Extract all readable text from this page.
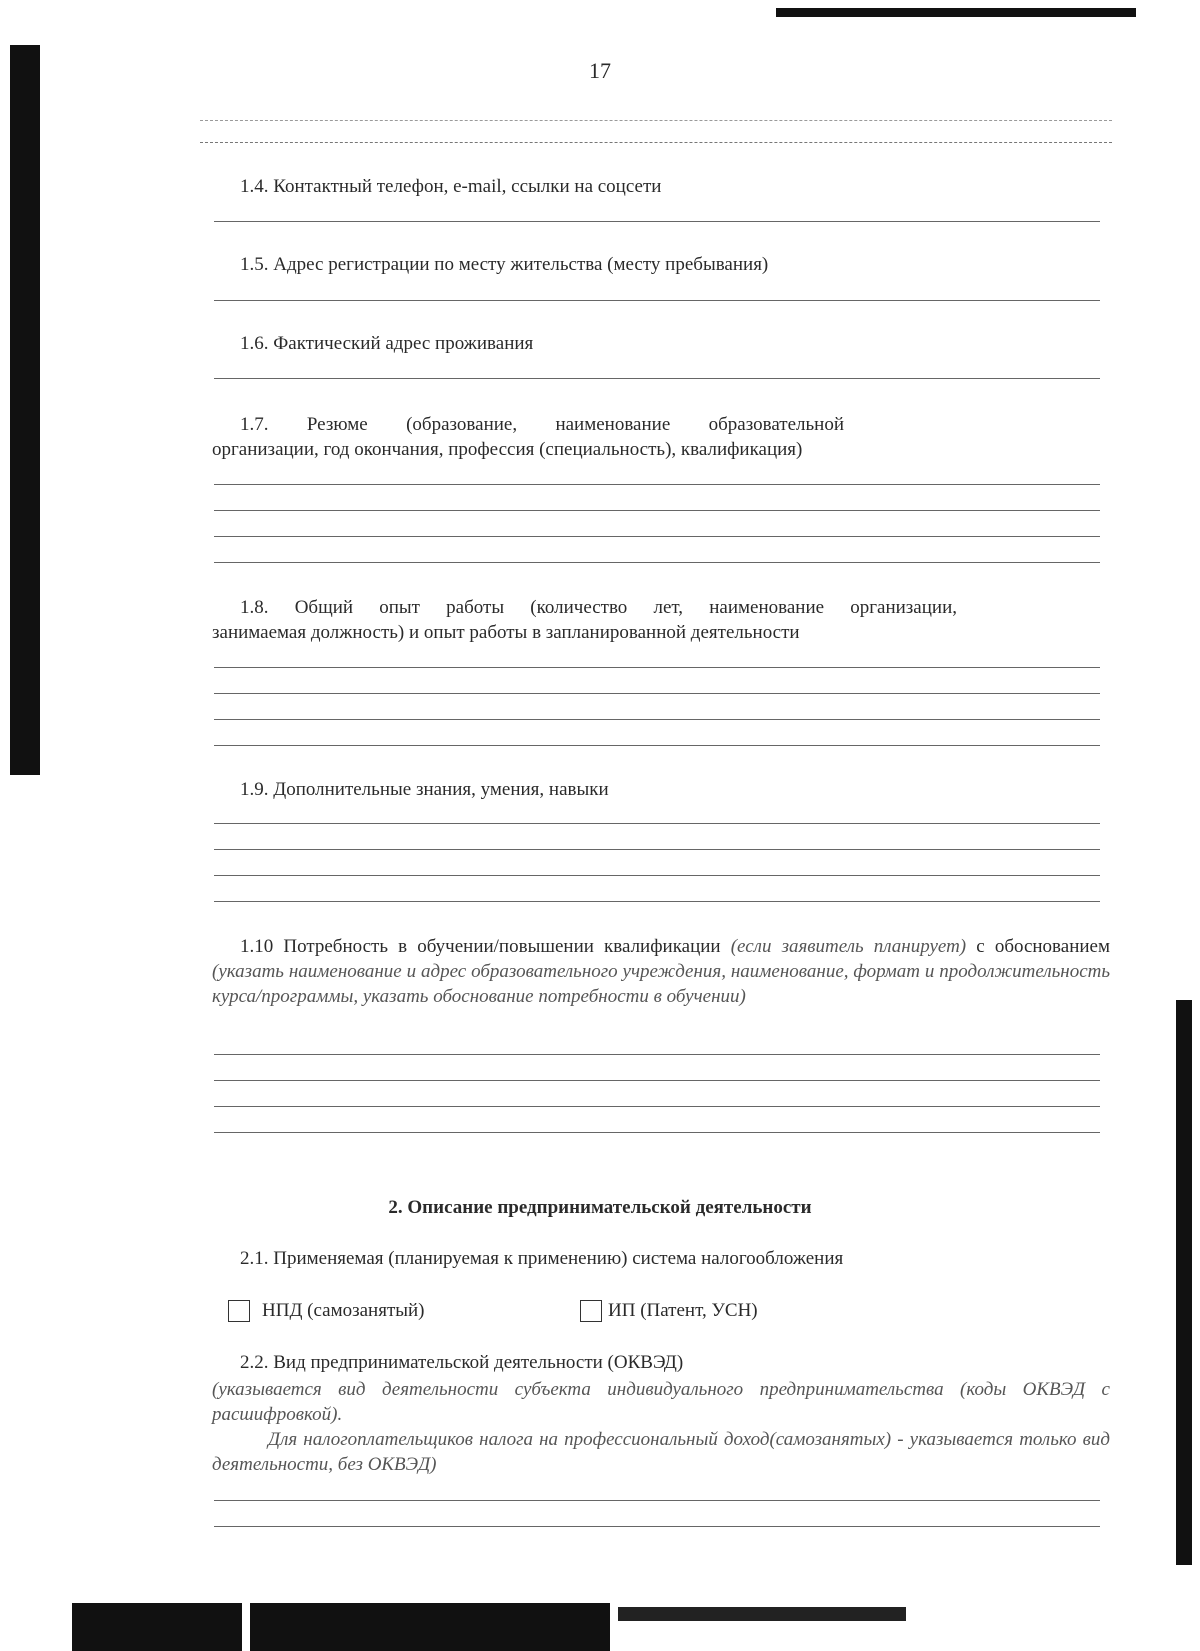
17
1.4. Контактный телефон, e-mail, ссылки на соцсети
1.5. Адрес регистрации по месту жительства (месту пребывания)
1.6. Фактический адрес проживания
1.7. Резюме (образование, наименование образовательной
организации, год окончания, профессия (специальность), квалификация)
1.8. Общий опыт работы (количество лет, наименование организации,
занимаемая должность) и опыт работы в запланированной деятельности
1.9. Дополнительные знания, умения, навыки
1.10 Потребность в обучении/повышении квалификации (если заявитель планирует) с обоснованием (указать наименование и адрес образовательного учреждения, наименование, формат и продолжительность курса/программы, указать обоснование потребности в обучении)
2. Описание предпринимательской деятельности
2.1. Применяемая (планируемая к применению) система налогообложения
НПД (самозанятый)	ИП (Патент, УСН)
2.2. Вид предпринимательской деятельности (ОКВЭД)
(указывается вид деятельности субъекта индивидуального предпринимательства (коды ОКВЭД с расшифровкой).
Для налогоплательщиков налога на профессиональный доход(самозанятых) - указывается только вид деятельности, без ОКВЭД)
